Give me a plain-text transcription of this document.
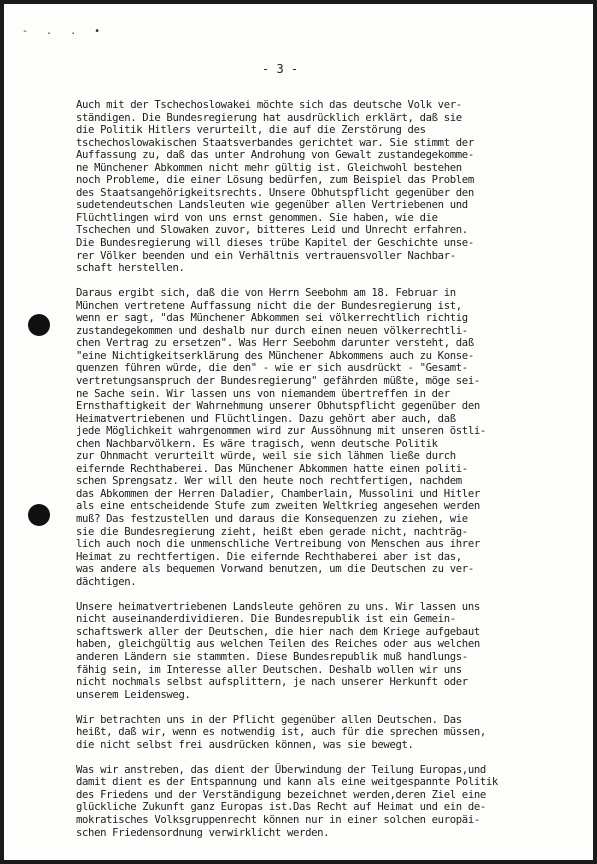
- . . •
- 3 -

Auch mit der Tschechoslowakei möchte sich das deutsche Volk ver-
ständigen. Die Bundesregierung hat ausdrücklich erklärt, daß sie
die Politik Hitlers verurteilt, die auf die Zerstörung des
tschechoslowakischen Staatsverbandes gerichtet war. Sie stimmt der
Auffassung zu, daß das unter Androhung von Gewalt zustandegekomme-
ne Münchener Abkommen nicht mehr gültig ist. Gleichwohl bestehen
noch Probleme, die einer Lösung bedürfen, zum Beispiel das Problem
des Staatsangehörigkeitsrechts. Unsere Obhutspflicht gegenüber den
sudetendeutschen Landsleuten wie gegenüber allen Vertriebenen und
Flüchtlingen wird von uns ernst genommen. Sie haben, wie die
Tschechen und Slowaken zuvor, bitteres Leid und Unrecht erfahren.
Die Bundesregierung will dieses trübe Kapitel der Geschichte unse-
rer Völker beenden und ein Verhältnis vertrauensvoller Nachbar-
schaft herstellen.

Daraus ergibt sich, daß die von Herrn Seebohm am 18. Februar in
München vertretene Auffassung nicht die der Bundesregierung ist,
wenn er sagt, "das Münchener Abkommen sei völkerrechtlich richtig
zustandegekommen und deshalb nur durch einen neuen völkerrechtli-
chen Vertrag zu ersetzen". Was Herr Seebohm darunter versteht, daß
"eine Nichtigkeitserklärung des Münchener Abkommens auch zu Konse-
quenzen führen würde, die den" - wie er sich ausdrückt - "Gesamt-
vertretungsanspruch der Bundesregierung" gefährden müßte, möge sei-
ne Sache sein. Wir lassen uns von niemandem übertreffen in der
Ernsthaftigkeit der Wahrnehmung unserer Obhutspflicht gegenüber den
Heimatvertriebenen und Flüchtlingen. Dazu gehört aber auch, daß
jede Möglichkeit wahrgenommen wird zur Aussöhnung mit unseren östli-
chen Nachbarvölkern. Es wäre tragisch, wenn deutsche Politik
zur Ohnmacht verurteilt würde, weil sie sich lähmen ließe durch
eifernde Rechthaberei. Das Münchener Abkommen hatte einen politi-
schen Sprengsatz. Wer will den heute noch rechtfertigen, nachdem
das Abkommen der Herren Daladier, Chamberlain, Mussolini und Hitler
als eine entscheidende Stufe zum zweiten Weltkrieg angesehen werden
muß? Das festzustellen und daraus die Konsequenzen zu ziehen, wie
sie die Bundesregierung zieht, heißt eben gerade nicht, nachträg-
lich auch noch die unmenschliche Vertreibung von Menschen aus ihrer
Heimat zu rechtfertigen. Die eifernde Rechthaberei aber ist das,
was andere als bequemen Vorwand benutzen, um die Deutschen zu ver-
dächtigen.

Unsere heimatvertriebenen Landsleute gehören zu uns. Wir lassen uns
nicht auseinanderdividieren. Die Bundesrepublik ist ein Gemein-
schaftswerk aller der Deutschen, die hier nach dem Kriege aufgebaut
haben, gleichgültig aus welchen Teilen des Reiches oder aus welchen
anderen Ländern sie stammten. Diese Bundesrepublik muß handlungs-
fähig sein, im Interesse aller Deutschen. Deshalb wollen wir uns
nicht nochmals selbst aufsplittern, je nach unserer Herkunft oder
unserem Leidensweg.

Wir betrachten uns in der Pflicht gegenüber allen Deutschen. Das
heißt, daß wir, wenn es notwendig ist, auch für die sprechen müssen,
die nicht selbst frei ausdrücken können, was sie bewegt.

Was wir anstreben, das dient der Überwindung der Teilung Europas,und
damit dient es der Entspannung und kann als eine weitgespannte Politik
des Friedens und der Verständigung bezeichnet werden,deren Ziel eine
glückliche Zukunft ganz Europas ist.Das Recht auf Heimat und ein de-
mokratisches Volksgruppenrecht können nur in einer solchen europäi-
schen Friedensordnung verwirklicht werden.
